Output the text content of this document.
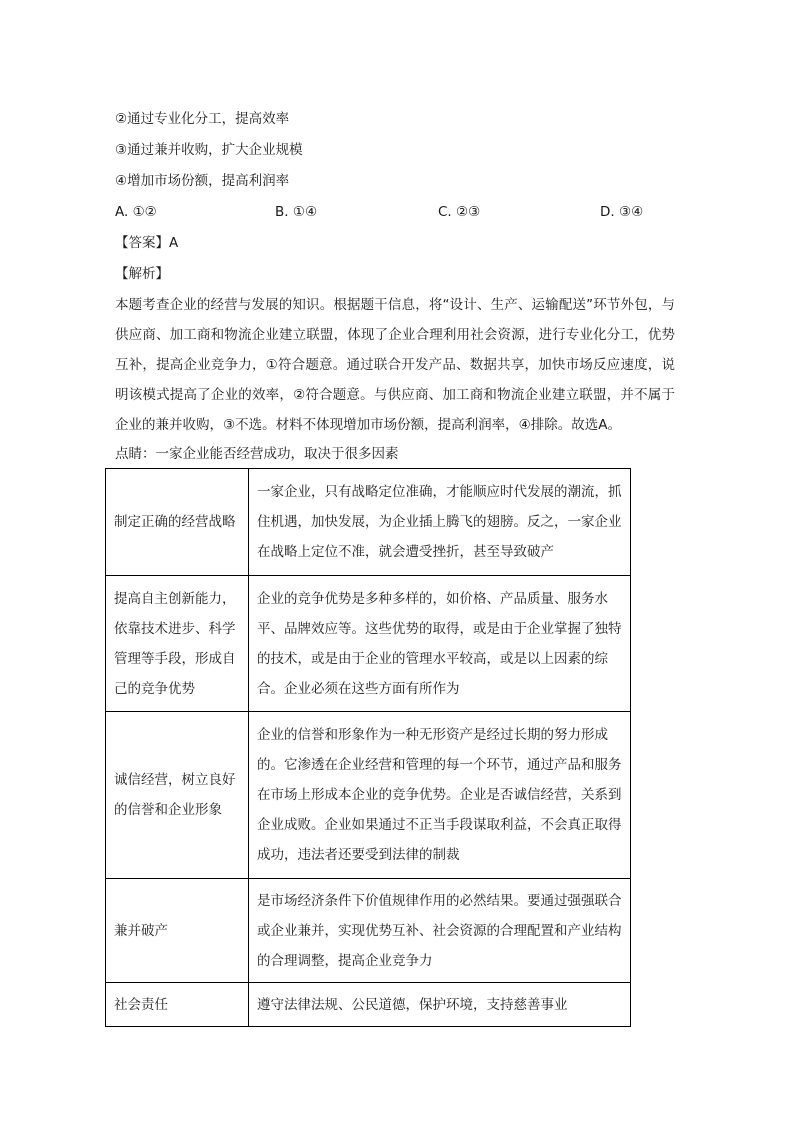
②通过专业化分工，提高效率
③通过兼并收购，扩大企业规模
④增加市场份额，提高利润率
A. ①②	B. ①④	C. ②③	D. ③④
【答案】A
【解析】
本题考查企业的经营与发展的知识。根据题干信息，将“设计、生产、运输配送”环节外包，与供应商、加工商和物流企业建立联盟，体现了企业合理利用社会资源，进行专业化分工，优势互补，提高企业竞争力，①符合题意。通过联合开发产品、数据共享，加快市场反应速度，说明该模式提高了企业的效率，②符合题意。与供应商、加工商和物流企业建立联盟，并不属于企业的兼并收购，③不选。材料不体现增加市场份额，提高利润率，④排除。故选A。
点睛：一家企业能否经营成功，取决于很多因素
制定正确的经营战略	一家企业，只有战略定位准确，才能顺应时代发展的潮流，抓住机遇，加快发展，为企业插上腾飞的翅膀。反之，一家企业在战略上定位不准，就会遭受挫折，甚至导致破产
提高自主创新能力，依靠技术进步、科学管理等手段，形成自己的竞争优势	企业的竞争优势是多种多样的，如价格、产品质量、服务水平、品牌效应等。这些优势的取得，或是由于企业掌握了独特的技术，或是由于企业的管理水平较高，或是以上因素的综合。企业必须在这些方面有所作为
诚信经营，树立良好的信誉和企业形象	企业的信誉和形象作为一种无形资产是经过长期的努力形成的。它渗透在企业经营和管理的每一个环节，通过产品和服务在市场上形成本企业的竞争优势。企业是否诚信经营，关系到企业成败。企业如果通过不正当手段谋取利益，不会真正取得成功，违法者还要受到法律的制裁
兼并破产	是市场经济条件下价值规律作用的必然结果。要通过强强联合或企业兼并，实现优势互补、社会资源的合理配置和产业结构的合理调整，提高企业竞争力
社会责任	遵守法律法规、公民道德，保护环境，支持慈善事业
